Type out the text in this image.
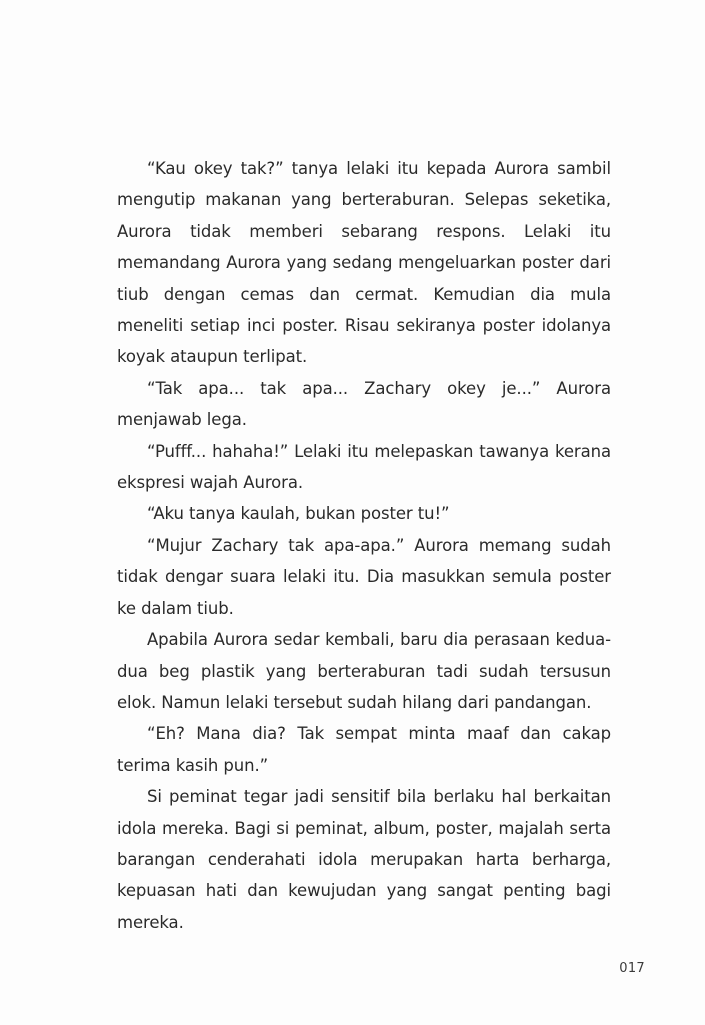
“Kau okey tak?” tanya lelaki itu kepada Aurora sambil mengutip makanan yang berteraburan. Selepas seketika, Aurora tidak memberi sebarang respons. Lelaki itu memandang Aurora yang sedang mengeluarkan poster dari tiub dengan cemas dan cermat. Kemudian dia mula meneliti setiap inci poster. Risau sekiranya poster idolanya koyak ataupun terlipat.

“Tak apa... tak apa... Zachary okey je...” Aurora menjawab lega.

“Pufff... hahaha!” Lelaki itu melepaskan tawanya kerana ekspresi wajah Aurora.

“Aku tanya kaulah, bukan poster tu!”

“Mujur Zachary tak apa-apa.” Aurora memang sudah tidak dengar suara lelaki itu. Dia masukkan semula poster ke dalam tiub.

Apabila Aurora sedar kembali, baru dia perasaan kedua-dua beg plastik yang berteraburan tadi sudah tersusun elok. Namun lelaki tersebut sudah hilang dari pandangan.

“Eh? Mana dia? Tak sempat minta maaf dan cakap terima kasih pun.”

Si peminat tegar jadi sensitif bila berlaku hal berkaitan idola mereka. Bagi si peminat, album, poster, majalah serta barangan cenderahati idola merupakan harta berharga, kepuasan hati dan kewujudan yang sangat penting bagi mereka.

017
